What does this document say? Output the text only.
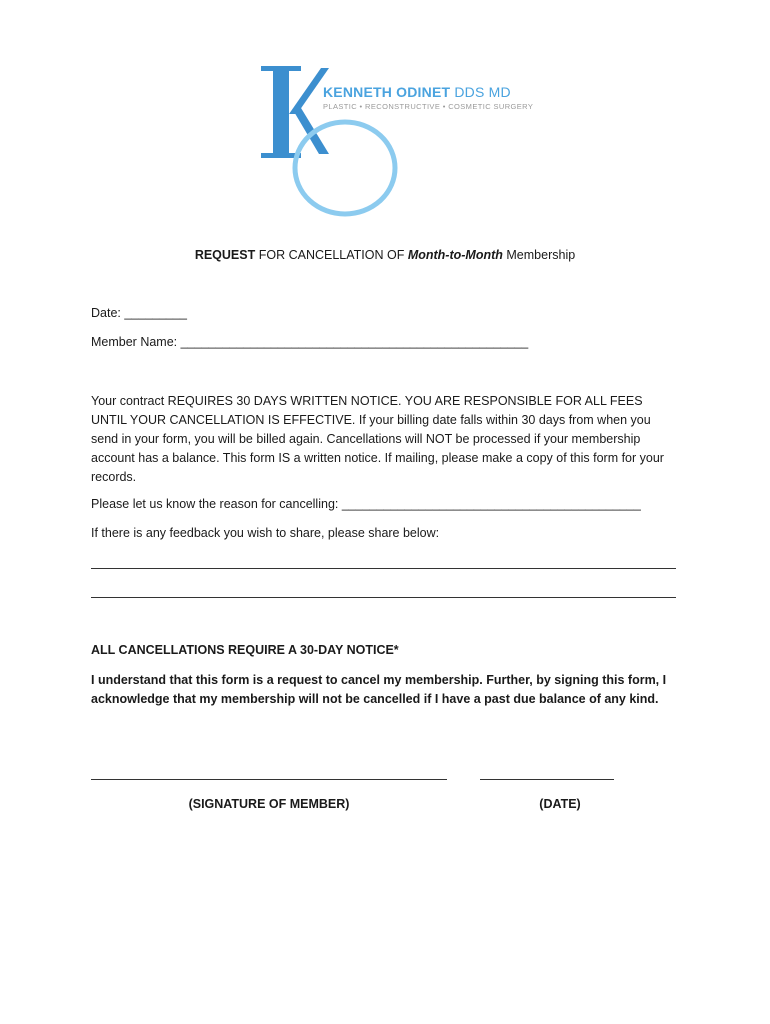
KENNETH ODINET DDS MD
PLASTIC • RECONSTRUCTIVE • COSMETIC SURGERY
REQUEST FOR CANCELLATION OF Month-to-Month Membership
Date: _________
Member Name: __________________________________________________
Your contract REQUIRES 30 DAYS WRITTEN NOTICE. YOU ARE RESPONSIBLE FOR ALL FEES UNTIL YOUR CANCELLATION IS EFFECTIVE. If your billing date falls within 30 days from when you send in your form, you will be billed again. Cancellations will NOT be processed if your membership account has a balance. This form IS a written notice. If mailing, please make a copy of this form for your records.
Please let us know the reason for cancelling: ___________________________________________
If there is any feedback you wish to share, please share below:
ALL CANCELLATIONS REQUIRE A 30-DAY NOTICE*
I understand that this form is a request to cancel my membership. Further, by signing this form, I acknowledge that my membership will not be cancelled if I have a past due balance of any kind.
(SIGNATURE OF MEMBER)	(DATE)
